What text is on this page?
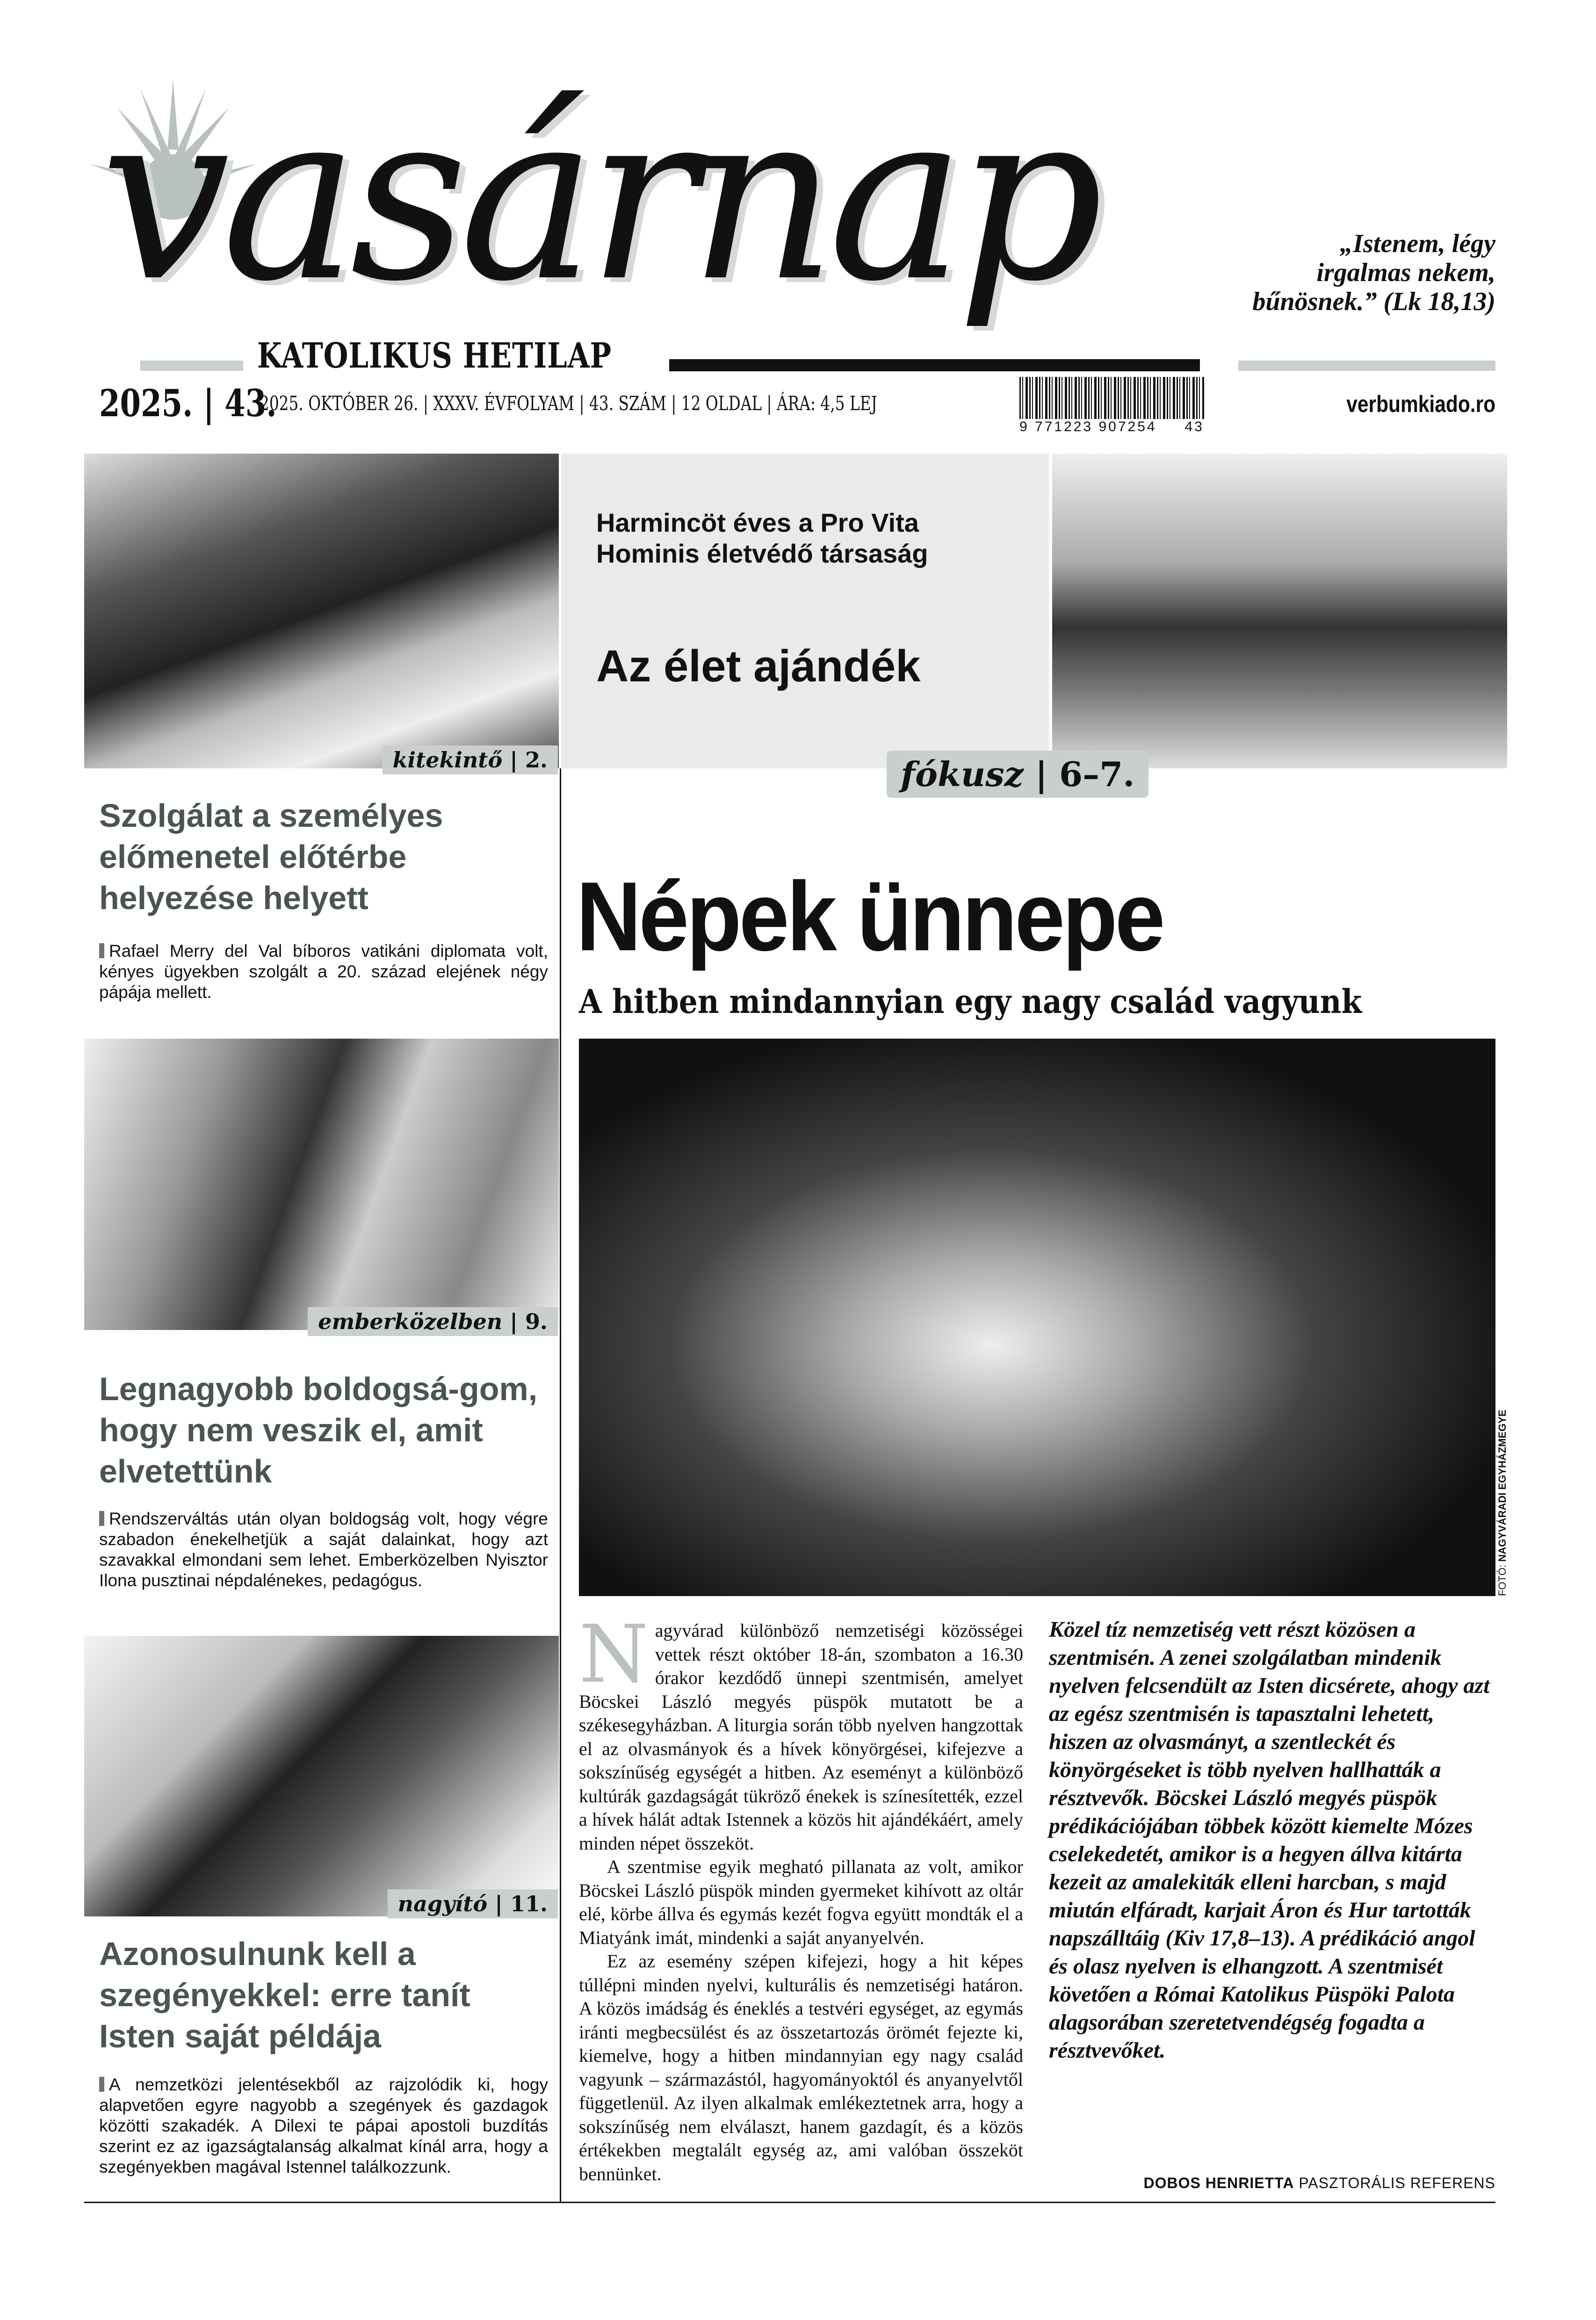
vasárnap
KATOLIKUS HETILAP
„Istenem, légy irgalmas nekem, bűnösnek.” (Lk 18,13)
2025. | 43.
2025. OKTÓBER 26. | XXXV. ÉVFOLYAM | 43. SZÁM | 12 OLDAL | ÁRA: 4,5 LEJ
9 771223 907254 43
verbumkiado.ro
kitekintő | 2.
Harmincöt éves a Pro Vita Hominis életvédő társaság
Az élet ajándék
fókusz | 6–7.
Szolgálat a személyes előmenetel előtérbe helyezése helyett
Rafael Merry del Val bíboros vatikáni diplomata volt, kényes ügyekben szolgált a 20. század elejének négy pápája mellett.
emberközelben | 9.
Legnagyobb boldogsá-gom, hogy nem veszik el, amit elvetettünk
Rendszerváltás után olyan boldogság volt, hogy végre szabadon énekelhetjük a saját dalainkat, hogy azt szavakkal elmondani sem lehet. Emberközelben Nyisztor Ilona pusztinai népdalénekes, pedagógus.
nagyító | 11.
Azonosulnunk kell a szegényekkel: erre tanít Isten saját példája
A nemzetközi jelentésekből az rajzolódik ki, hogy alapvetően egyre nagyobb a szegények és gazdagok közötti szakadék. A Dilexi te pápai apostoli buzdítás szerint ez az igazságtalanság alkalmat kínál arra, hogy a szegényekben magával Istennel találkozzunk.
Népek ünnepe
A hitben mindannyian egy nagy család vagyunk
FOTÓ: NAGYVÁRADI EGYHÁZMEGYE

Nagyvárad különböző nemzetiségi közösségei vettek részt október 18-án, szombaton a 16.30 órakor kezdődő ünnepi szentmisén, amelyet Böcskei László megyés püspök mutatott be a székesegyházban. A liturgia során több nyelven hangzottak el az olvasmányok és a hívek könyörgései, kifejezve a sokszínűség egységét a hitben. Az eseményt a különböző kultúrák gazdagságát tükröző énekek is színesítették, ezzel a hívek hálát adtak Istennek a közös hit ajándékáért, amely minden népet összeköt.

A szentmise egyik megható pillanata az volt, amikor Böcskei László püspök minden gyermeket kihívott az oltár elé, körbe állva és egymás kezét fogva együtt mondták el a Miatyánk imát, mindenki a saját anyanyelvén.

Ez az esemény szépen kifejezi, hogy a hit képes túllépni minden nyelvi, kulturális és nemzetiségi határon. A közös imádság és éneklés a testvéri egységet, az egymás iránti megbecsülést és az összetartozás örömét fejezte ki, kiemelve, hogy a hitben mindannyian egy nagy család vagyunk – származástól, hagyományoktól és anyanyelvtől függetlenül. Az ilyen alkalmak emlékeztetnek arra, hogy a sokszínűség nem elválaszt, hanem gazdagít, és a közös értékekben megtalált egység az, ami valóban összeköt bennünket.

Közel tíz nemzetiség vett részt közösen a szentmisén. A zenei szolgálatban mindenik nyelven felcsendült az Isten dicsérete, ahogy azt az egész szentmisén is tapasztalni lehetett, hiszen az olvasmányt, a szentleckét és könyörgéseket is több nyelven hallhatták a résztvevők. Böcskei László megyés püspök prédikációjában többek között kiemelte Mózes cselekedetét, amikor is a hegyen állva kitárta kezeit az amalekiták elleni harcban, s majd miután elfáradt, karjait Áron és Hur tartották napszálltáig (Kiv 17,8–13). A prédikáció angol és olasz nyelven is elhangzott. A szentmisét követően a Római Katolikus Püspöki Palota alagsorában szeretetvendégség fogadta a résztvevőket.
DOBOS HENRIETTA PASZTORÁLIS REFERENS
